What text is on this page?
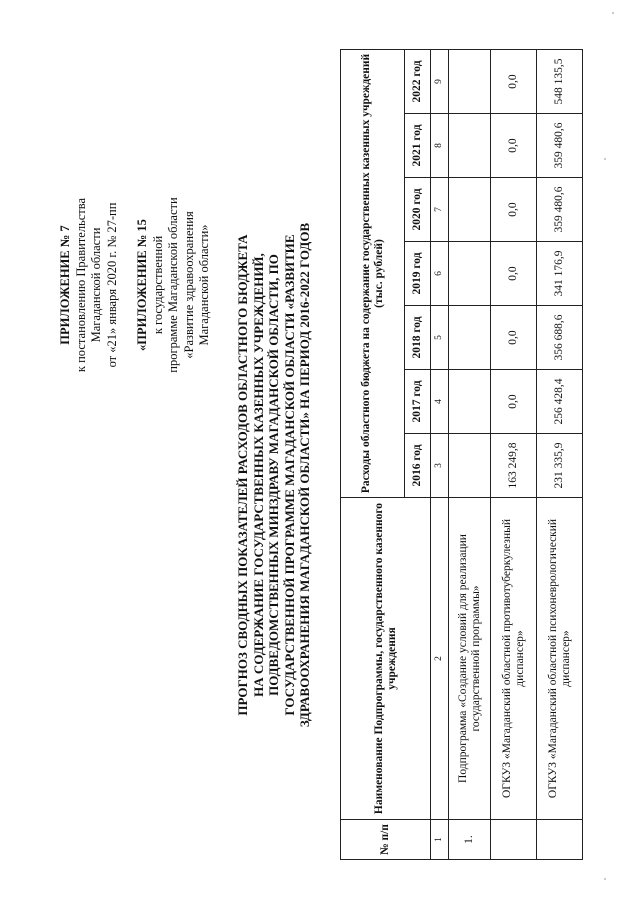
ПРИЛОЖЕНИЕ № 7 к постановлению Правительства Магаданской области от «21» января 2020 г. № 27-пп «ПРИЛОЖЕНИЕ № 15 к государственной программе Магаданской области «Развитие здравоохранения Магаданской области» ПРОГНОЗ СВОДНЫХ ПОКАЗАТЕЛЕЙ РАСХОДОВ ОБЛАСТНОГО БЮДЖЕТА НА СОДЕРЖАНИЕ ГОСУДАРСТВЕННЫХ КАЗЕННЫХ УЧРЕЖДЕНИЙ, ПОДВЕДОМСТВЕННЫХ МИНЗДРАВУ МАГАДАНСКОЙ ОБЛАСТИ, ПО ГОСУДАРСТВЕННОЙ ПРОГРАММЕ МАГАДАНСКОЙ ОБЛАСТИ «РАЗВИТИЕ ЗДРАВООХРАНЕНИЯ МАГАДАНСКОЙ ОБЛАСТИ» НА ПЕРИОД 2016-2022 ГОДОВ
№ п/п	Наименование Подпрограммы, государственного казенного учреждения	Расходы областного бюджета на содержание государственных казенных учреждений (тыс. рублей)						
		2016 год	2017 год	2018 год	2019 год	2020 год	2021 год	2022 год
1	2	3	4	5	6	7	8	9
1.	Подпрограмма «Создание условий для реализации государственной программы»							
	ОГКУЗ «Магаданский областной противотуберкулезный диспансер»	163 249,8	0,0	0,0	0,0	0,0	0,0	0,0
	ОГКУЗ «Магаданский областной психоневрологический диспансер»	231 335,9	256 428,4	356 688,6	341 176,9	359 480,6	359 480,6	548 135,5
